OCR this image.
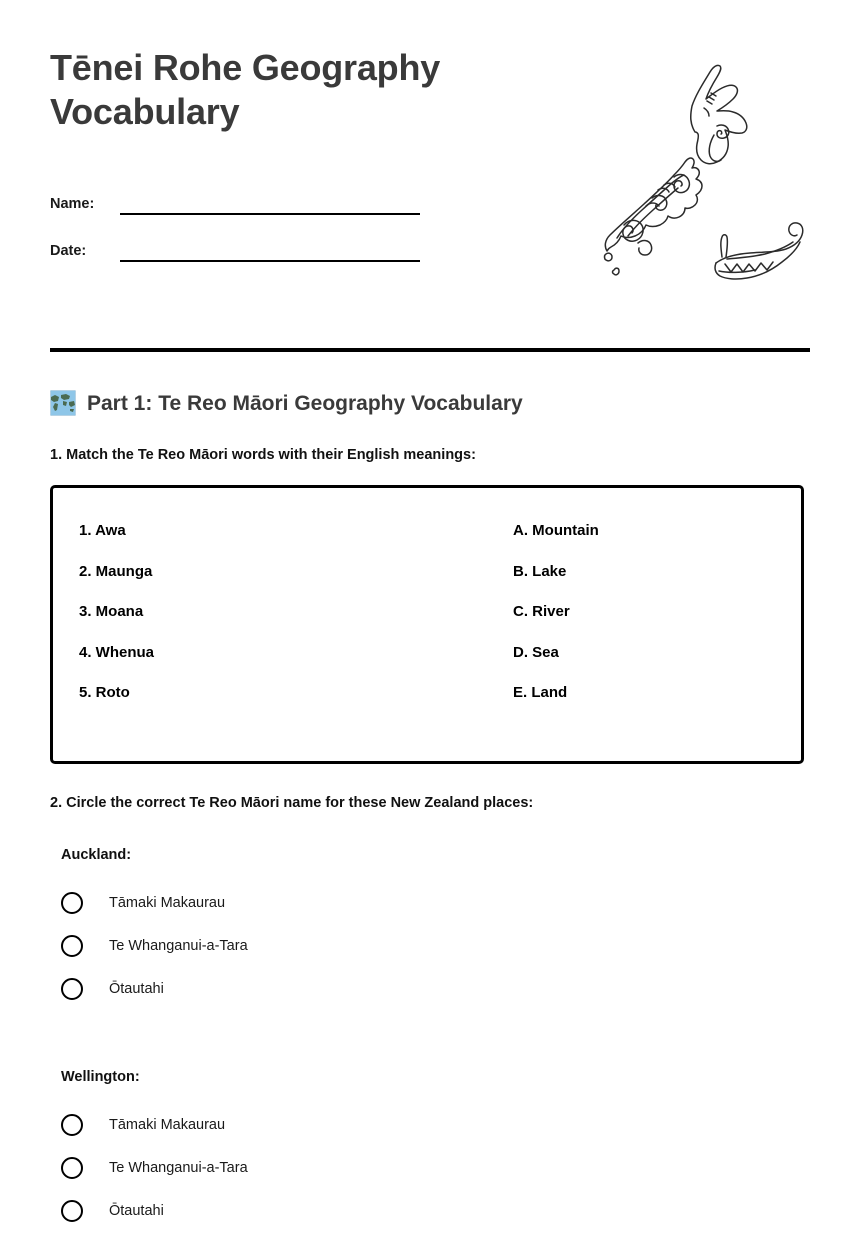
Tēnei Rohe Geography Vocabulary
Name:
Date:
Part 1: Te Reo Māori Geography Vocabulary
1. Match the Te Reo Māori words with their English meanings:
1. Awa	A. Mountain
2. Maunga	B. Lake
3. Moana	C. River
4. Whenua	D. Sea
5. Roto	E. Land
2. Circle the correct Te Reo Māori name for these New Zealand places:
Auckland:
Tāmaki Makaurau
Te Whanganui-a-Tara
Ōtautahi
Wellington:
Tāmaki Makaurau
Te Whanganui-a-Tara
Ōtautahi
